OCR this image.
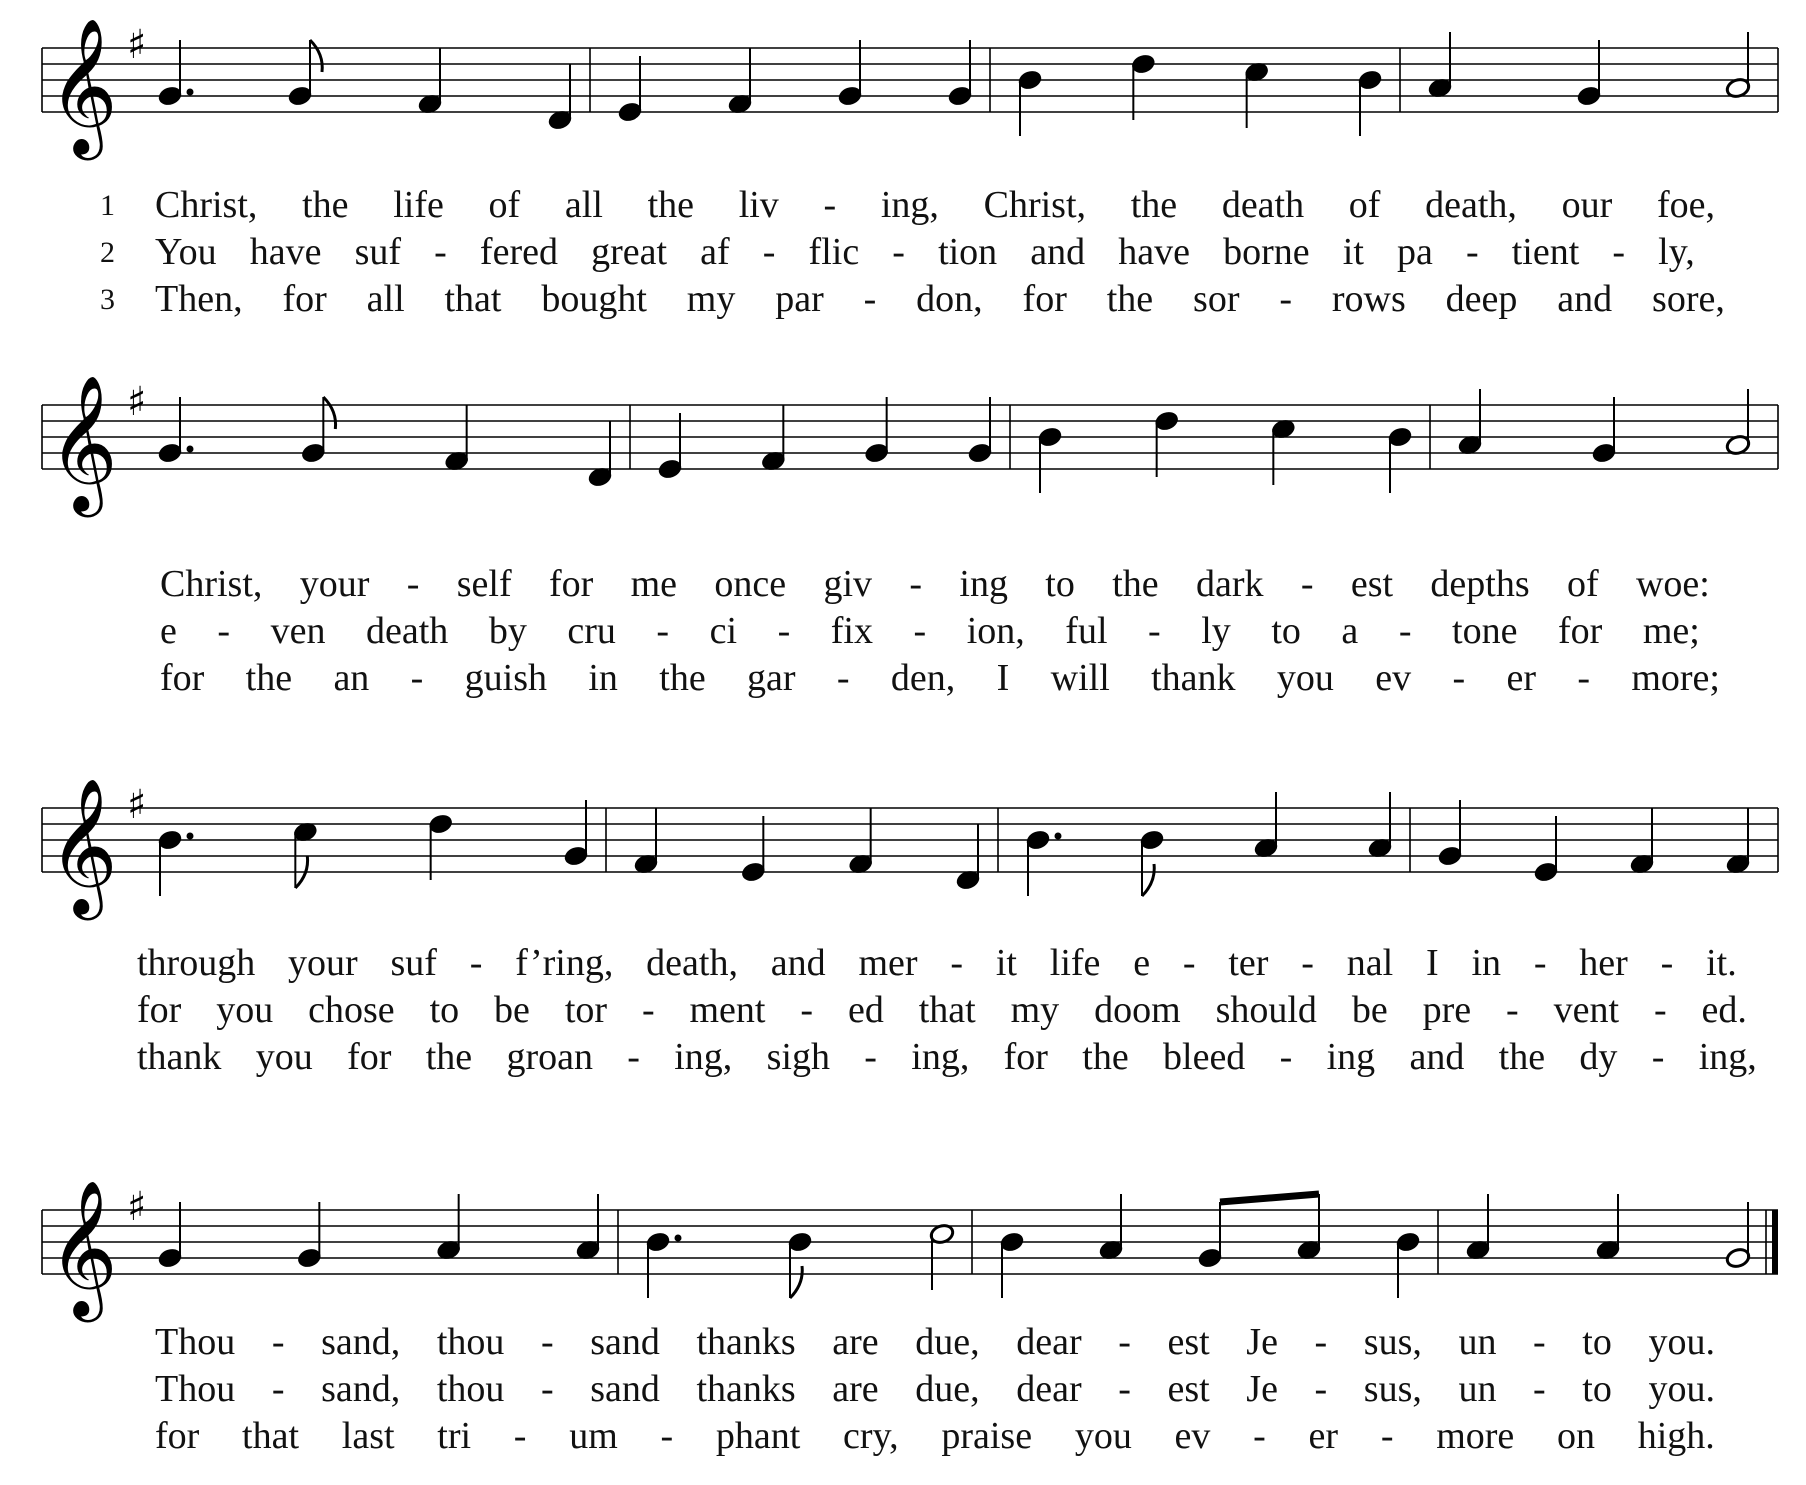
𝄞 ♯
𝄞 ♯
𝄞 ♯
𝄞 ♯
1
2
3
Christ, the life of all the liv - ing, Christ, the death of death, our foe,
You have suf - fered great af - flic - tion and have borne it pa - tient - ly,
Then, for all that bought my par - don, for the sor - rows deep and sore,
Christ, your - self for me once giv - ing to the dark - est depths of woe:
e - ven death by cru - ci - fix - ion, ful - ly to a - tone for me;
for the an - guish in the gar - den, I will thank you ev - er - more;
through your suf - f’ring, death, and mer - it life e - ter - nal I in - her - it.
for you chose to be tor - ment - ed that my doom should be pre - vent - ed.
thank you for the groan - ing, sigh - ing, for the bleed - ing and the dy - ing,
Thou - sand, thou - sand thanks are due, dear - est Je - sus, un - to you.
Thou - sand, thou - sand thanks are due, dear - est Je - sus, un - to you.
for that last tri - um - phant cry, praise you ev - er - more on high.
